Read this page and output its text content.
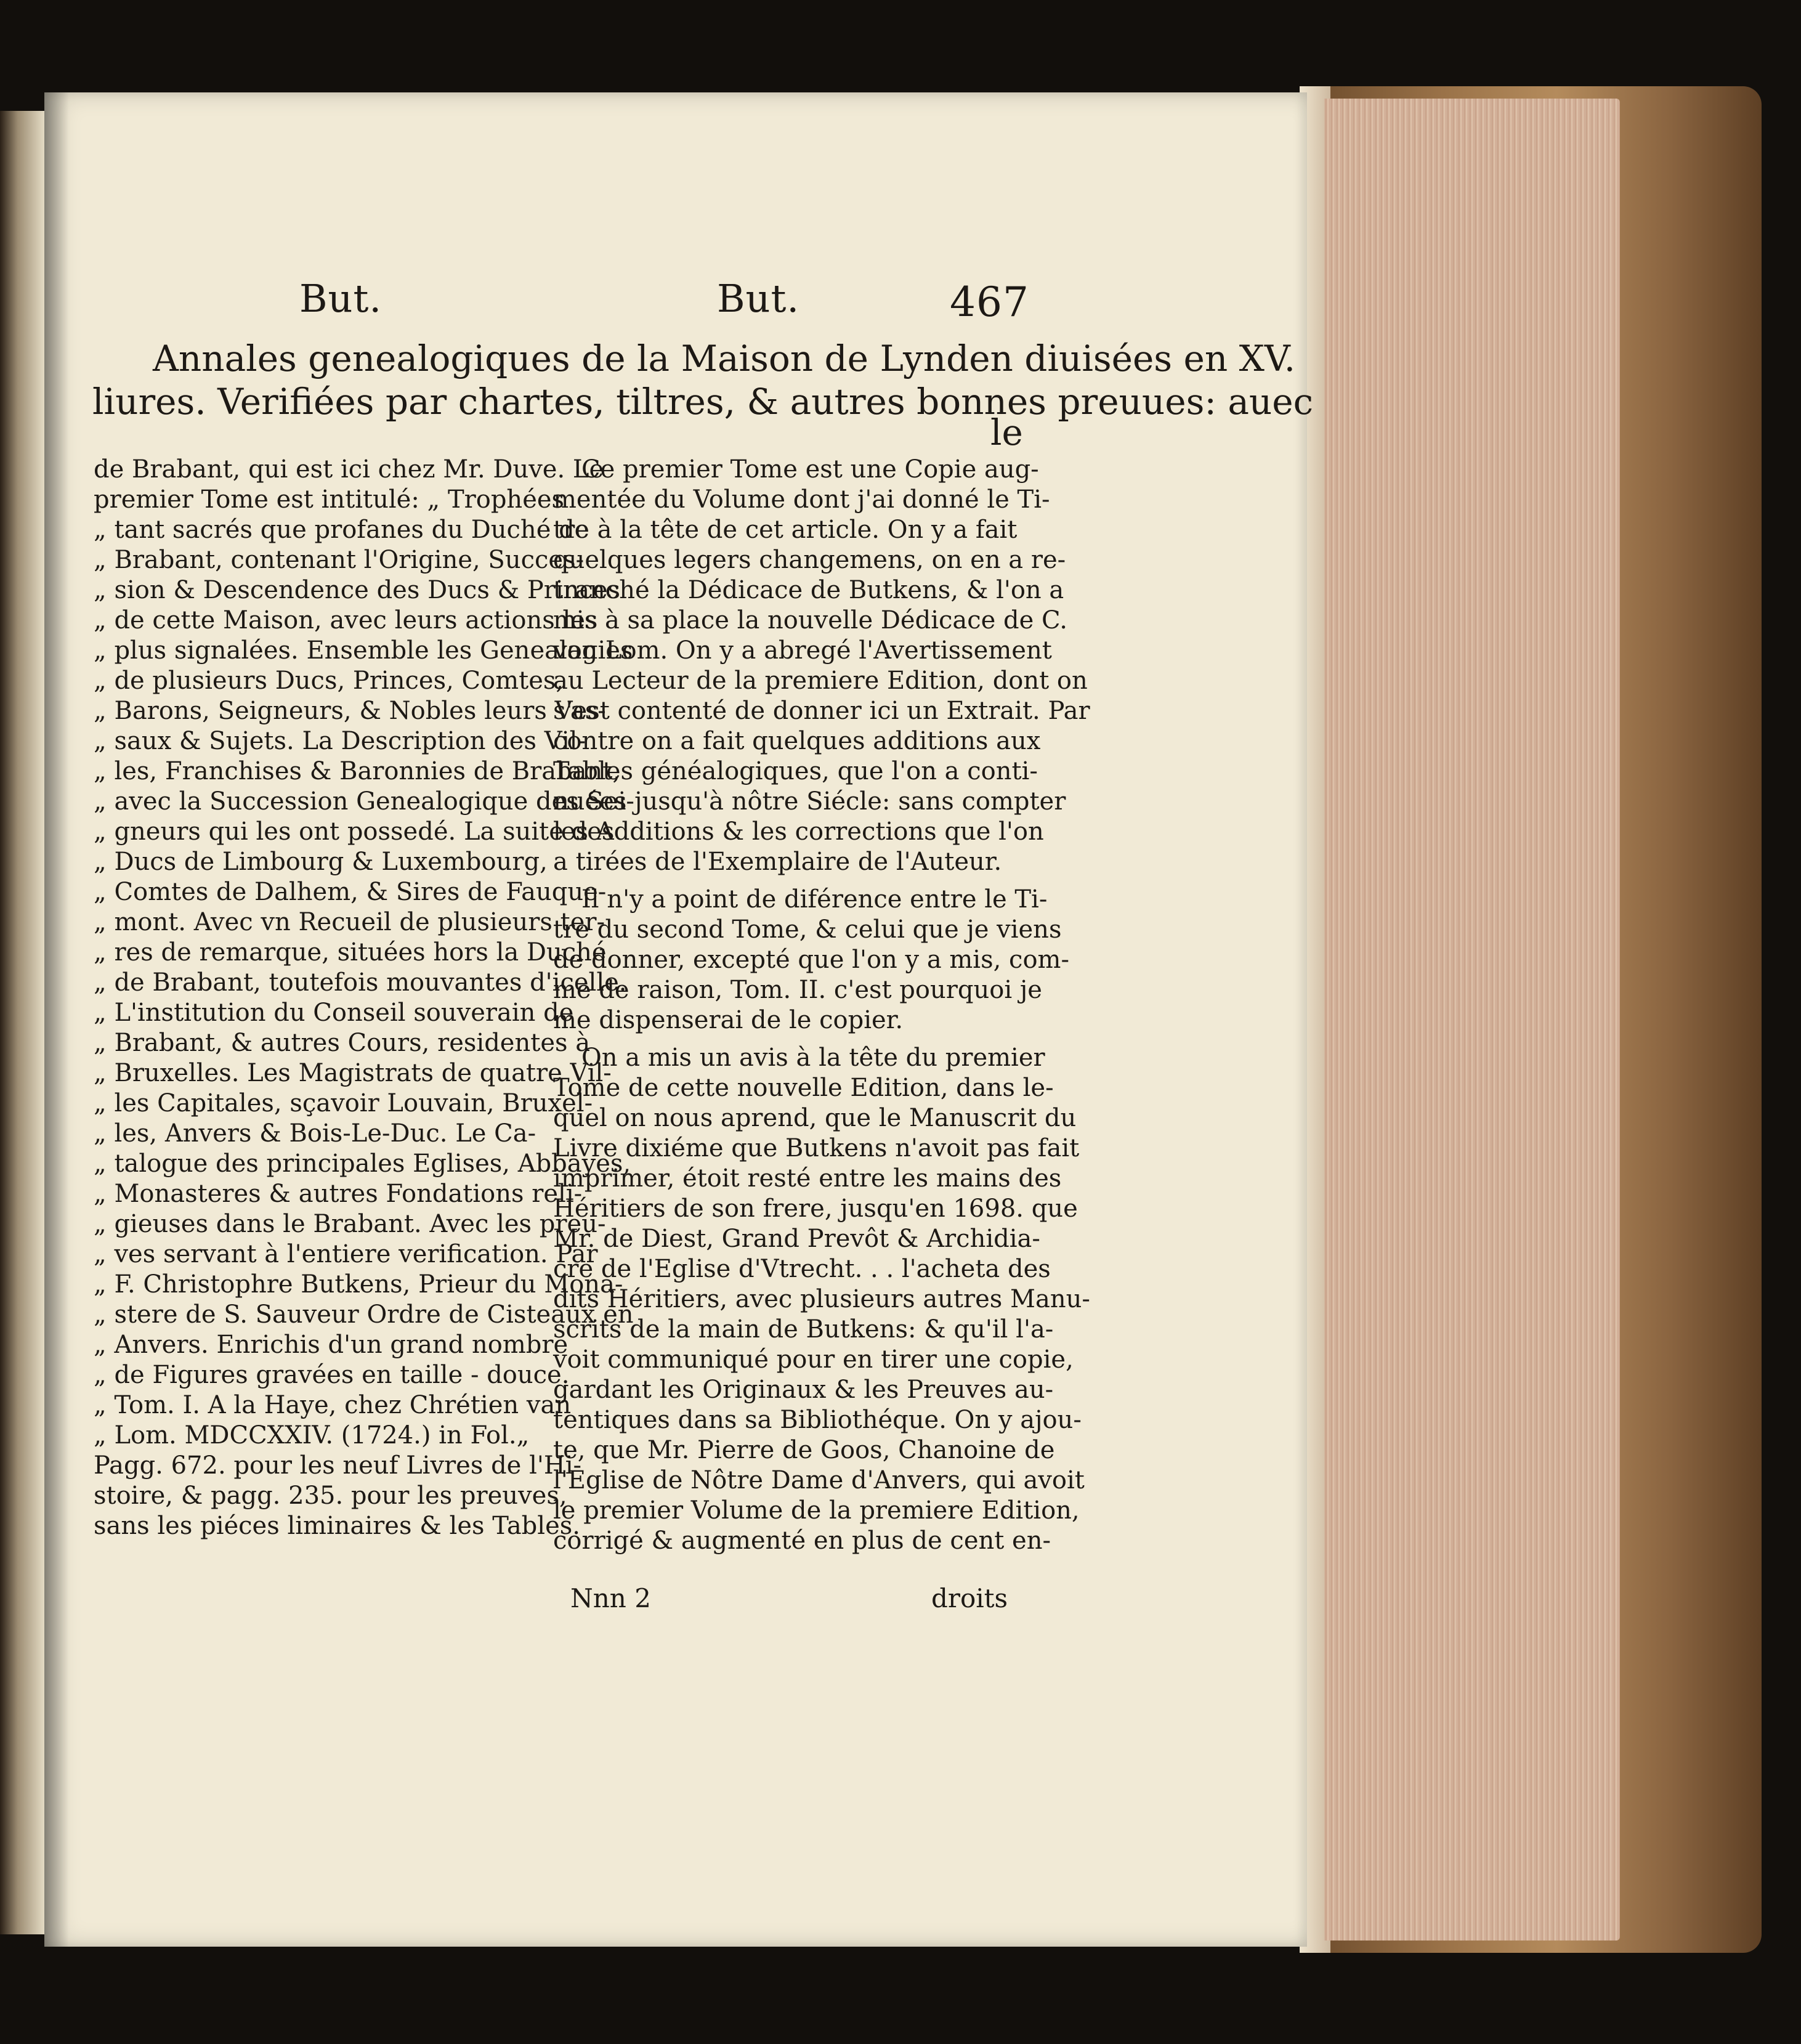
But.	But.	467
Annales genealogiques de la Maison de Lynden diuisées en XV.
liures. Verifiées par chartes, tiltres, & autres bonnes preuues: auec
le
de Brabant, qui est ici chez Mr. Duve. Le
premier Tome est intitulé: „ Trophées
„ tant sacrés que profanes du Duché de
„ Brabant, contenant l'Origine, Succes-
„ sion & Descendence des Ducs & Princes
„ de cette Maison, avec leurs actions les
„ plus signalées. Ensemble les Genealogies
„ de plusieurs Ducs, Princes, Comtes,
„ Barons, Seigneurs, & Nobles leurs Vas-
„ saux & Sujets. La Description des Vil-
„ les, Franchises & Baronnies de Brabant,
„ avec la Succession Genealogique des Sei-
„ gneurs qui les ont possedé. La suite des
„ Ducs de Limbourg & Luxembourg,
„ Comtes de Dalhem, & Sires de Fauque-
„ mont. Avec vn Recueil de plusieurs ter-
„ res de remarque, situées hors la Duché
„ de Brabant, toutefois mouvantes d'icelle.
„ L'institution du Conseil souverain de
„ Brabant, & autres Cours, residentes à
„ Bruxelles. Les Magistrats de quatre Vil-
„ les Capitales, sçavoir Louvain, Bruxel-
„ les, Anvers & Bois-Le-Duc. Le Ca-
„ talogue des principales Eglises, Abbayes,
„ Monasteres & autres Fondations reli-
„ gieuses dans le Brabant. Avec les preu-
„ ves servant à l'entiere verification. Par
„ F. Christophre Butkens, Prieur du Mona-
„ stere de S. Sauveur Ordre de Cisteaux en
„ Anvers. Enrichis d'un grand nombre
„ de Figures gravées en taille - douce.
„ Tom. I. A la Haye, chez Chrétien van
„ Lom. MDCCXXIV. (1724.) in Fol.„
Pagg. 672. pour les neuf Livres de l'Hi-
stoire, & pagg. 235. pour les preuves,
sans les piéces liminaires & les Tables.
Ce premier Tome est une Copie aug-
mentée du Volume dont j'ai donné le Ti-
tre à la tête de cet article. On y a fait
quelques legers changemens, on en a re-
tranché la Dédicace de Butkens, & l'on a
mis à sa place la nouvelle Dédicace de C.
van Lom. On y a abregé l'Avertissement
au Lecteur de la premiere Edition, dont on
s'est contenté de donner ici un Extrait. Par
contre on a fait quelques additions aux
Tables généalogiques, que l'on a conti-
nuées jusqu'à nôtre Siécle: sans compter
les Additions & les corrections que l'on
a tirées de l'Exemplaire de l'Auteur.
Il n'y a point de diférence entre le Ti-
tre du second Tome, & celui que je viens
de donner, excepté que l'on y a mis, com-
me de raison, Tom. II. c'est pourquoi je
me dispenserai de le copier.
On a mis un avis à la tête du premier
Tome de cette nouvelle Edition, dans le-
quel on nous aprend, que le Manuscrit du
Livre dixiéme que Butkens n'avoit pas fait
imprimer, étoit resté entre les mains des
Héritiers de son frere, jusqu'en 1698. que
Mr. de Diest, Grand Prevôt & Archidia-
cre de l'Eglise d'Vtrecht. . . l'acheta des
dits Héritiers, avec plusieurs autres Manu-
scrits de la main de Butkens: & qu'il l'a-
voit communiqué pour en tirer une copie,
gardant les Originaux & les Preuves au-
tentiques dans sa Bibliothéque. On y ajou-
te, que Mr. Pierre de Goos, Chanoine de
l'Eglise de Nôtre Dame d'Anvers, qui avoit
le premier Volume de la premiere Edition,
corrigé & augmenté en plus de cent en-
Nnn 2	droits
